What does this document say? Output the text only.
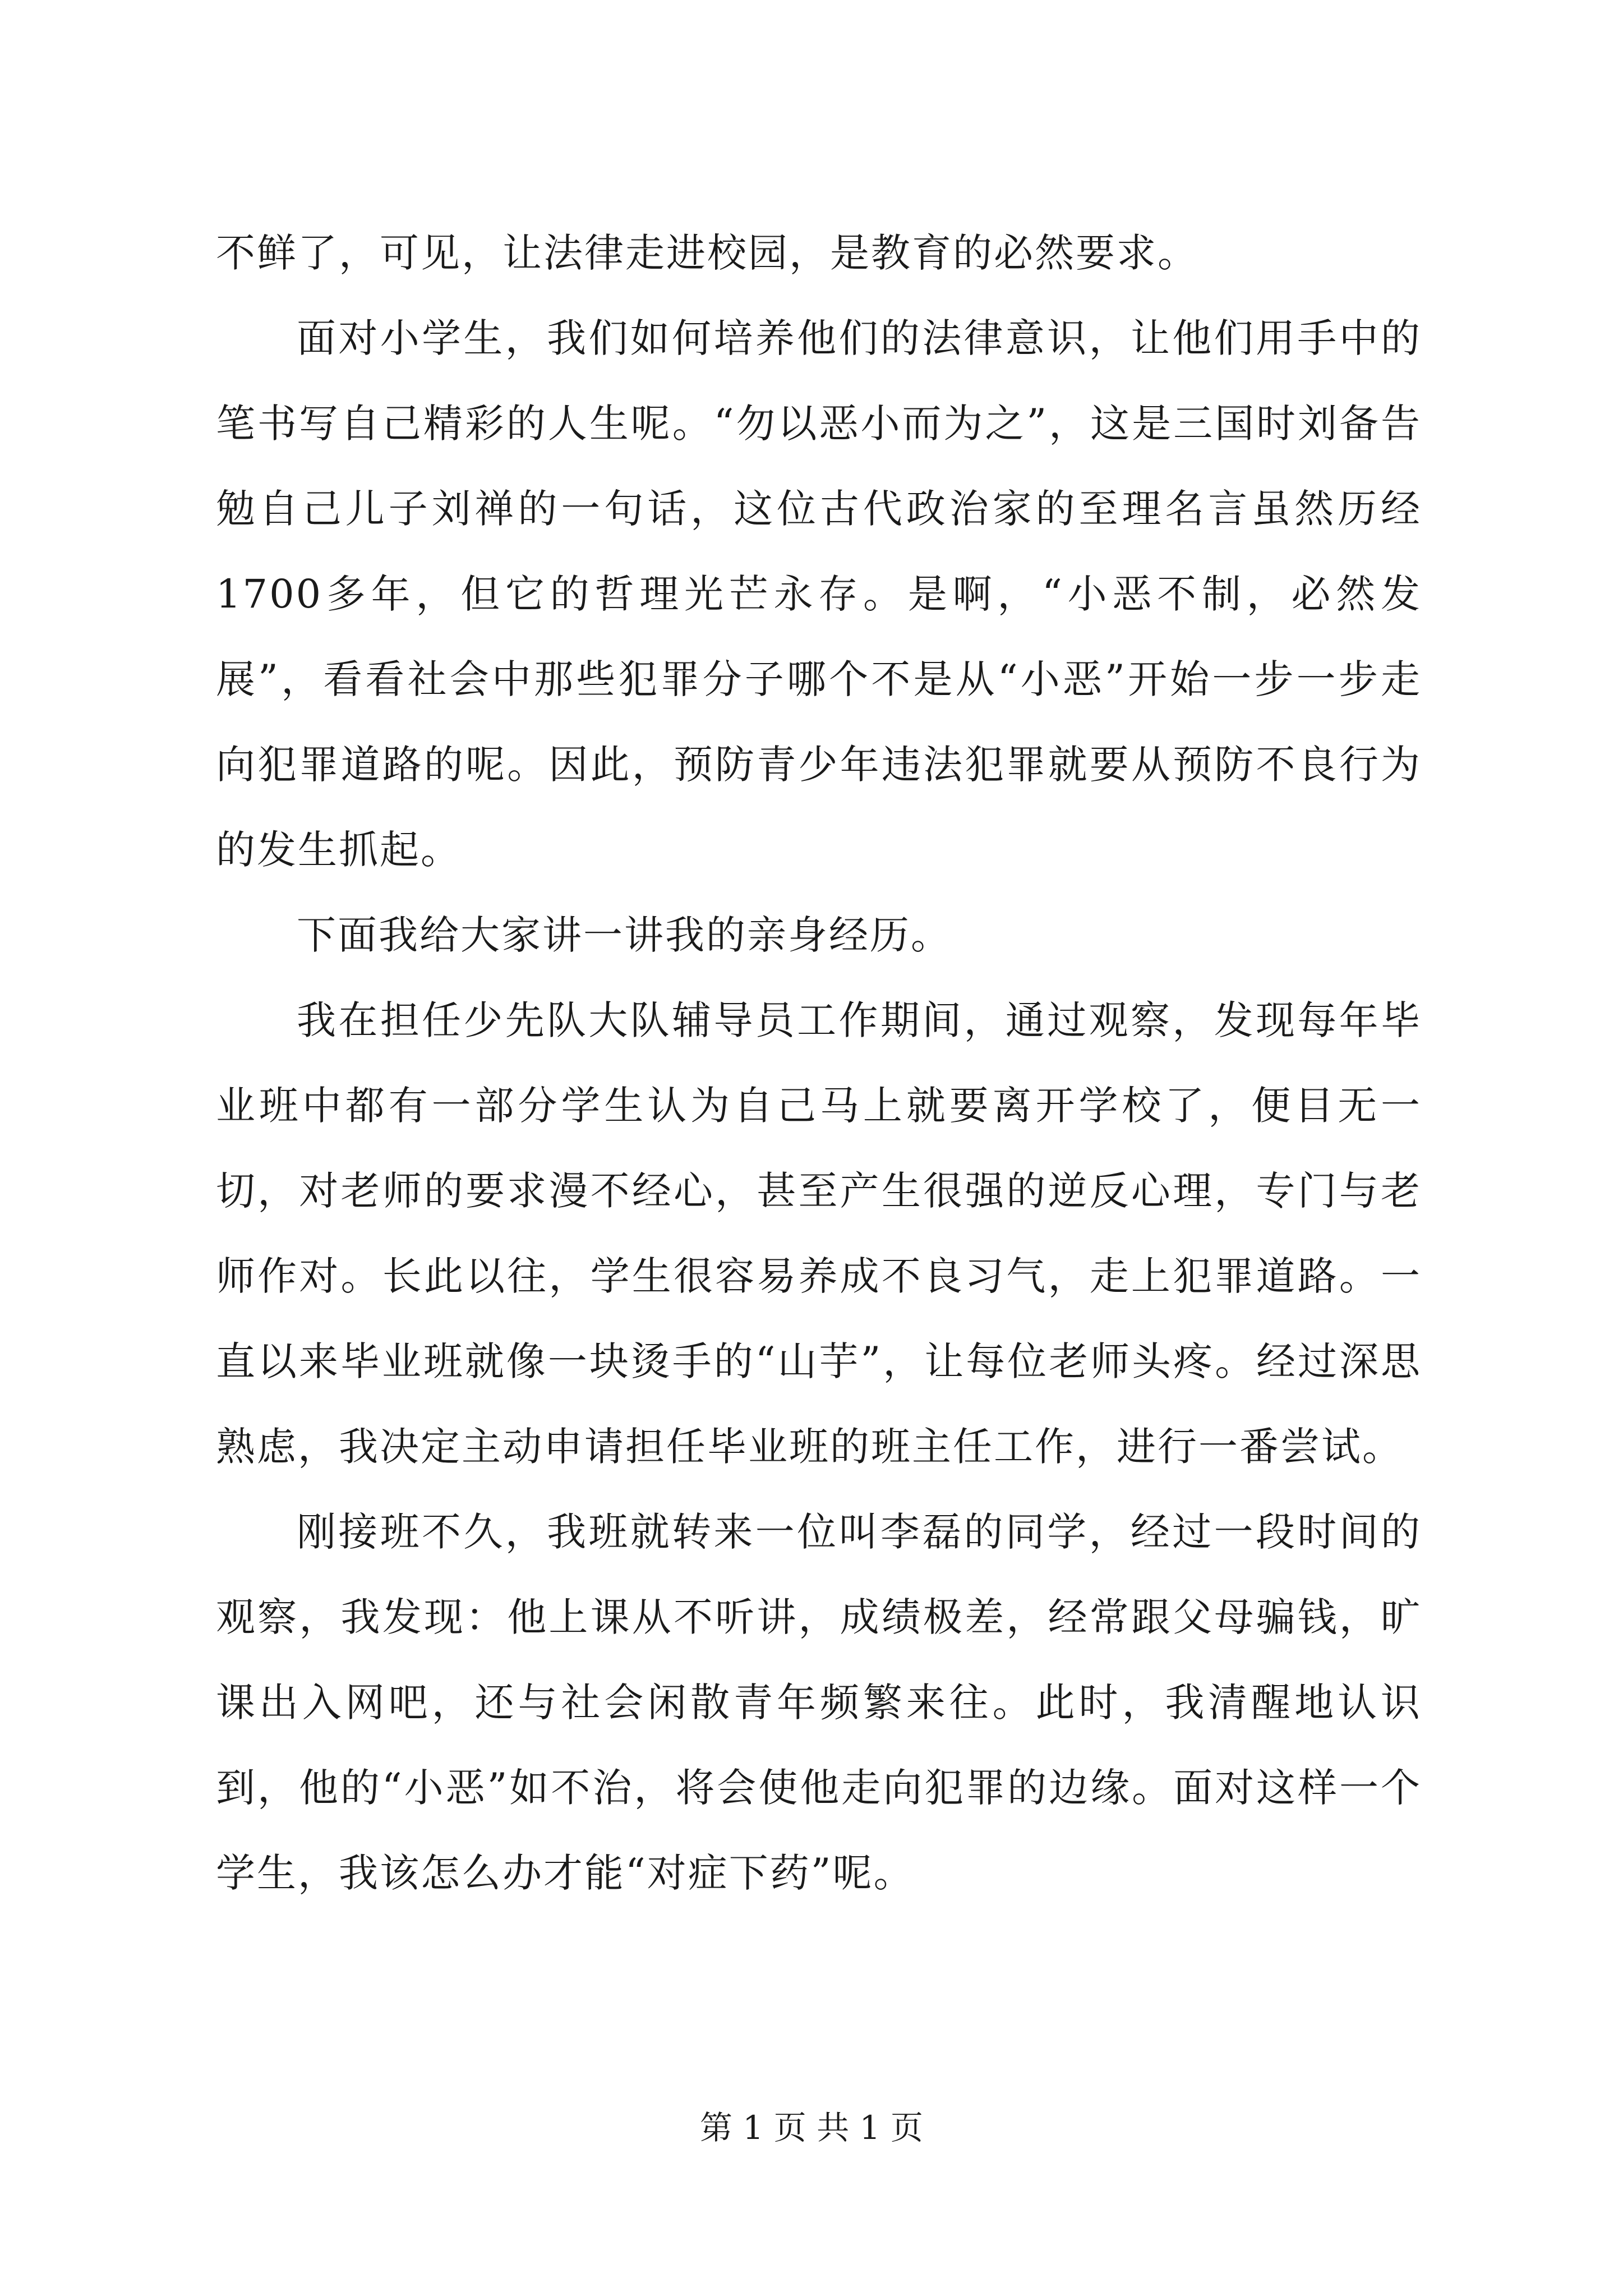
不鲜了，可见，让法律走进校园，是教育的必然要求。

面对小学生，我们如何培养他们的法律意识，让他们用手中的笔书写自己精彩的人生呢。“勿以恶小而为之”，这是三国时刘备告勉自己儿子刘禅的一句话，这位古代政治家的至理名言虽然历经1700多年，但它的哲理光芒永存。是啊，“小恶不制，必然发展”，看看社会中那些犯罪分子哪个不是从“小恶”开始一步一步走向犯罪道路的呢。因此，预防青少年违法犯罪就要从预防不良行为的发生抓起。

下面我给大家讲一讲我的亲身经历。

我在担任少先队大队辅导员工作期间，通过观察，发现每年毕业班中都有一部分学生认为自己马上就要离开学校了，便目无一切，对老师的要求漫不经心，甚至产生很强的逆反心理，专门与老师作对。长此以往，学生很容易养成不良习气，走上犯罪道路。一直以来毕业班就像一块烫手的“山芋”，让每位老师头疼。经过深思熟虑，我决定主动申请担任毕业班的班主任工作，进行一番尝试。

刚接班不久，我班就转来一位叫李磊的同学，经过一段时间的观察，我发现：他上课从不听讲，成绩极差，经常跟父母骗钱，旷课出入网吧，还与社会闲散青年频繁来往。此时，我清醒地认识到，他的“小恶”如不治，将会使他走向犯罪的边缘。面对这样一个学生，我该怎么办才能“对症下药”呢。

第 1 页 共 1 页
